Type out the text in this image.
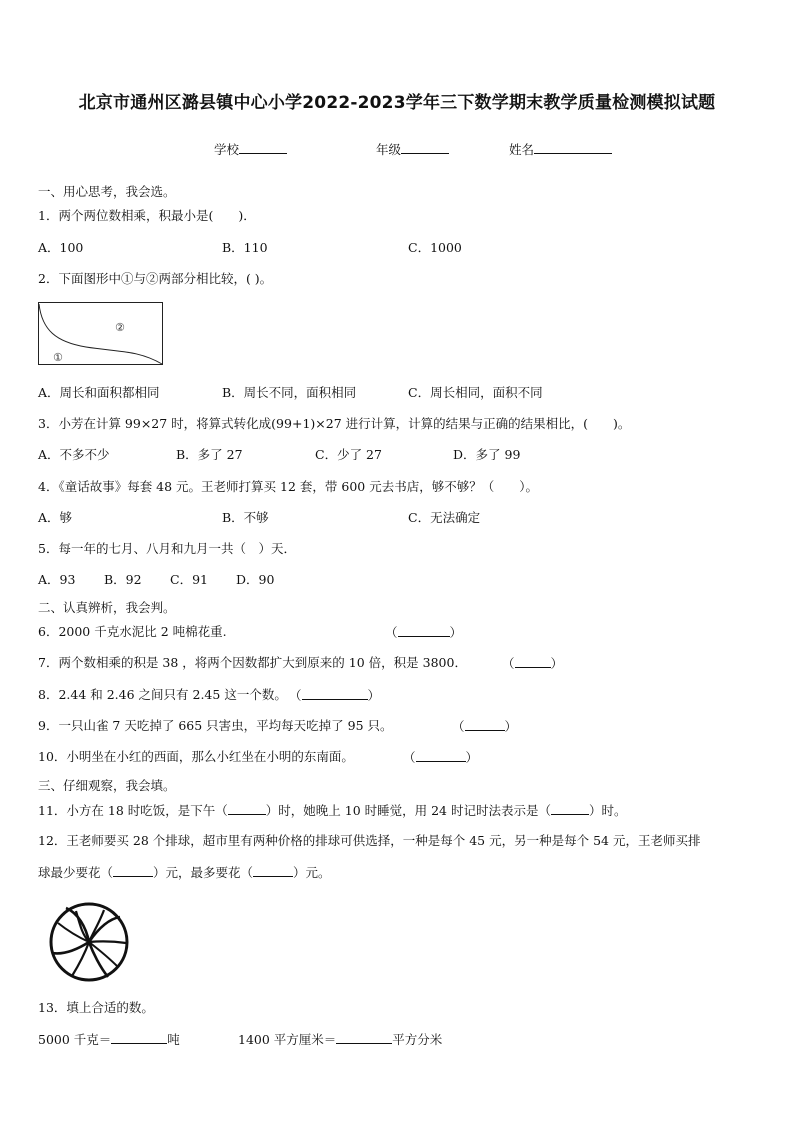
北京市通州区潞县镇中心小学2022-2023学年三下数学期末教学质量检测模拟试题
学校	年级	姓名
一、用心思考，我会选。
1．两个两位数相乘，积最小是(　　)．
A．100	B．110	C．1000
2．下面图形中①与②两部分相比较，( )。
②
①
A．周长和面积都相同	B．周长不同，面积相同	C．周长相同，面积不同
3．小芳在计算 99×27 时，将算式转化成(99+1)×27 进行计算，计算的结果与正确的结果相比，(　　)。
A．不多不少	B．多了 27	C．少了 27	D．多了 99
4．《童话故事》每套 48 元。王老师打算买 12 套，带 600 元去书店，够不够？（　　）。
A．够	B．不够	C．无法确定
5．每一年的七月、八月和九月一共（　）天．
A．93 B．92 C．91 D．90
二、认真辨析，我会判。
6．2000 千克水泥比 2 吨棉花重.	（	）
7．两个数相乘的积是 38 ，将两个因数都扩大到原来的 10 倍，积是 3800．	（	）
8．2.44 和 2.46 之间只有 2.45 这一个数。 （	）
9．一只山雀 7 天吃掉了 665 只害虫，平均每天吃掉了 95 只。	（	）
10．小明坐在小红的西面，那么小红坐在小明的东南面。	（	）
三、仔细观察，我会填。
11．小方在 18 时吃饭，是下午（	）时，她晚上 10 时睡觉，用 24 时记时法表示是（	）时。
12．王老师要买 28 个排球，超市里有两种价格的排球可供选择，一种是每个 45 元，另一种是每个 54 元，王老师买排
球最少要花（	）元，最多要花（	）元。
13．填上合适的数。
5000 千克＝	吨	1400 平方厘米＝	平方分米
